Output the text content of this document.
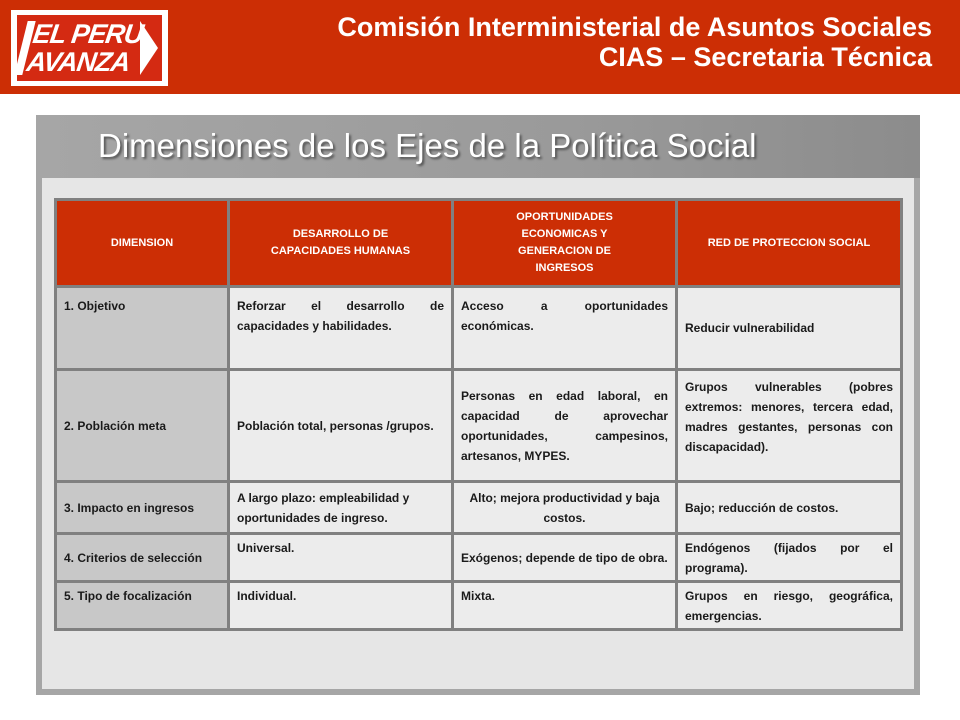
EL PERU
AVANZA
Comisión Interministerial de Asuntos Sociales
CIAS – Secretaria Técnica
Dimensiones de los Ejes de la Política Social
DIMENSION	DESARROLLO DE CAPACIDADES HUMANAS	OPORTUNIDADES ECONOMICAS Y GENERACION DE INGRESOS	RED DE PROTECCION SOCIAL
1. Objetivo	Reforzar el desarrollo de capacidades y habilidades.	Acceso a oportunidades económicas.	Reducir vulnerabilidad
2. Población meta	Población total, personas /grupos.	Personas en edad laboral, en capacidad de aprovechar oportunidades, campesinos, artesanos, MYPES.	Grupos vulnerables (pobres extremos: menores, tercera edad, madres gestantes, personas con discapacidad).
3. Impacto en ingresos	A largo plazo: empleabilidad y oportunidades de ingreso.	Alto; mejora productividad y baja costos.	Bajo; reducción de costos.
4. Criterios de selección	Universal.	Exógenos; depende de tipo de obra.	Endógenos (fijados por el programa).
5. Tipo de focalización	Individual.	Mixta.	Grupos en riesgo, geográfica, emergencias.
